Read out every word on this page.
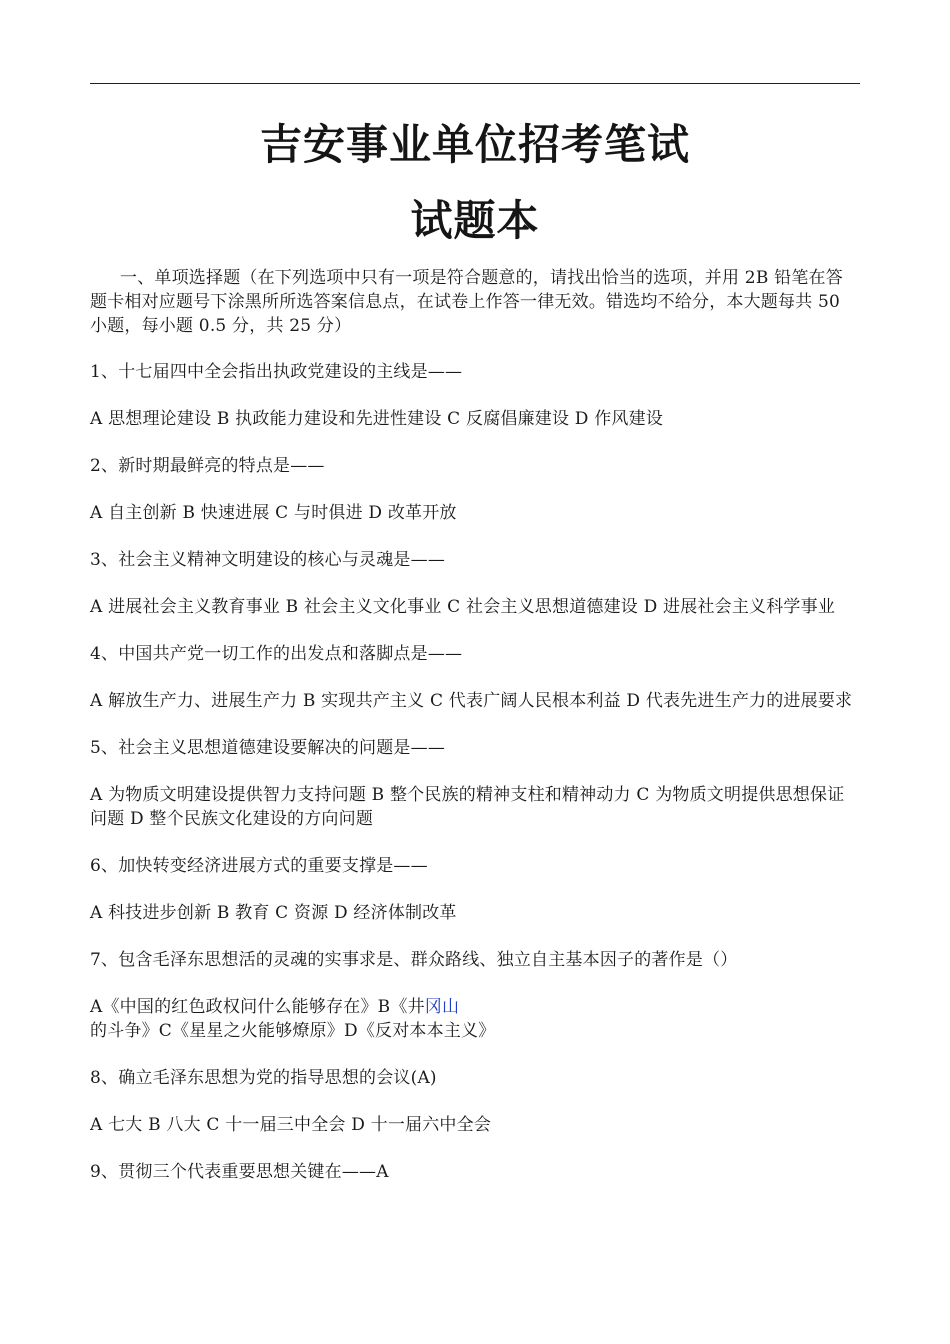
吉安事业单位招考笔试
试题本

一、单项选择题（在下列选项中只有一项是符合题意的，请找出恰当的选项，并用 2B 铅笔在答题卡相对应题号下涂黑所所选答案信息点，在试卷上作答一律无效。错选均不给分，本大题每共 50 小题，每小题 0.5 分，共 25 分）

1、十七届四中全会指出执政党建设的主线是——

A 思想理论建设 B 执政能力建设和先进性建设 C 反腐倡廉建设 D 作风建设

2、新时期最鲜亮的特点是——

A 自主创新 B 快速进展 C 与时俱进 D 改革开放

3、社会主义精神文明建设的核心与灵魂是——

A 进展社会主义教育事业 B 社会主义文化事业 C 社会主义思想道德建设 D 进展社会主义科学事业

4、中国共产党一切工作的出发点和落脚点是——

A 解放生产力、进展生产力 B 实现共产主义 C 代表广阔人民根本利益 D 代表先进生产力的进展要求

5、社会主义思想道德建设要解决的问题是——

A 为物质文明建设提供智力支持问题 B 整个民族的精神支柱和精神动力 C 为物质文明提供思想保证问题 D 整个民族文化建设的方向问题

6、加快转变经济进展方式的重要支撑是——

A 科技进步创新 B 教育 C 资源 D 经济体制改革

7、包含毛泽东思想活的灵魂的实事求是、群众路线、独立自主基本因子的著作是（）

A《中国的红色政权问什么能够存在》B《井冈山的斗争》C《星星之火能够燎原》D《反对本本主义》

8、确立毛泽东思想为党的指导思想的会议(A)

A 七大 B 八大 C 十一届三中全会 D 十一届六中全会

9、贯彻三个代表重要思想关键在——A
